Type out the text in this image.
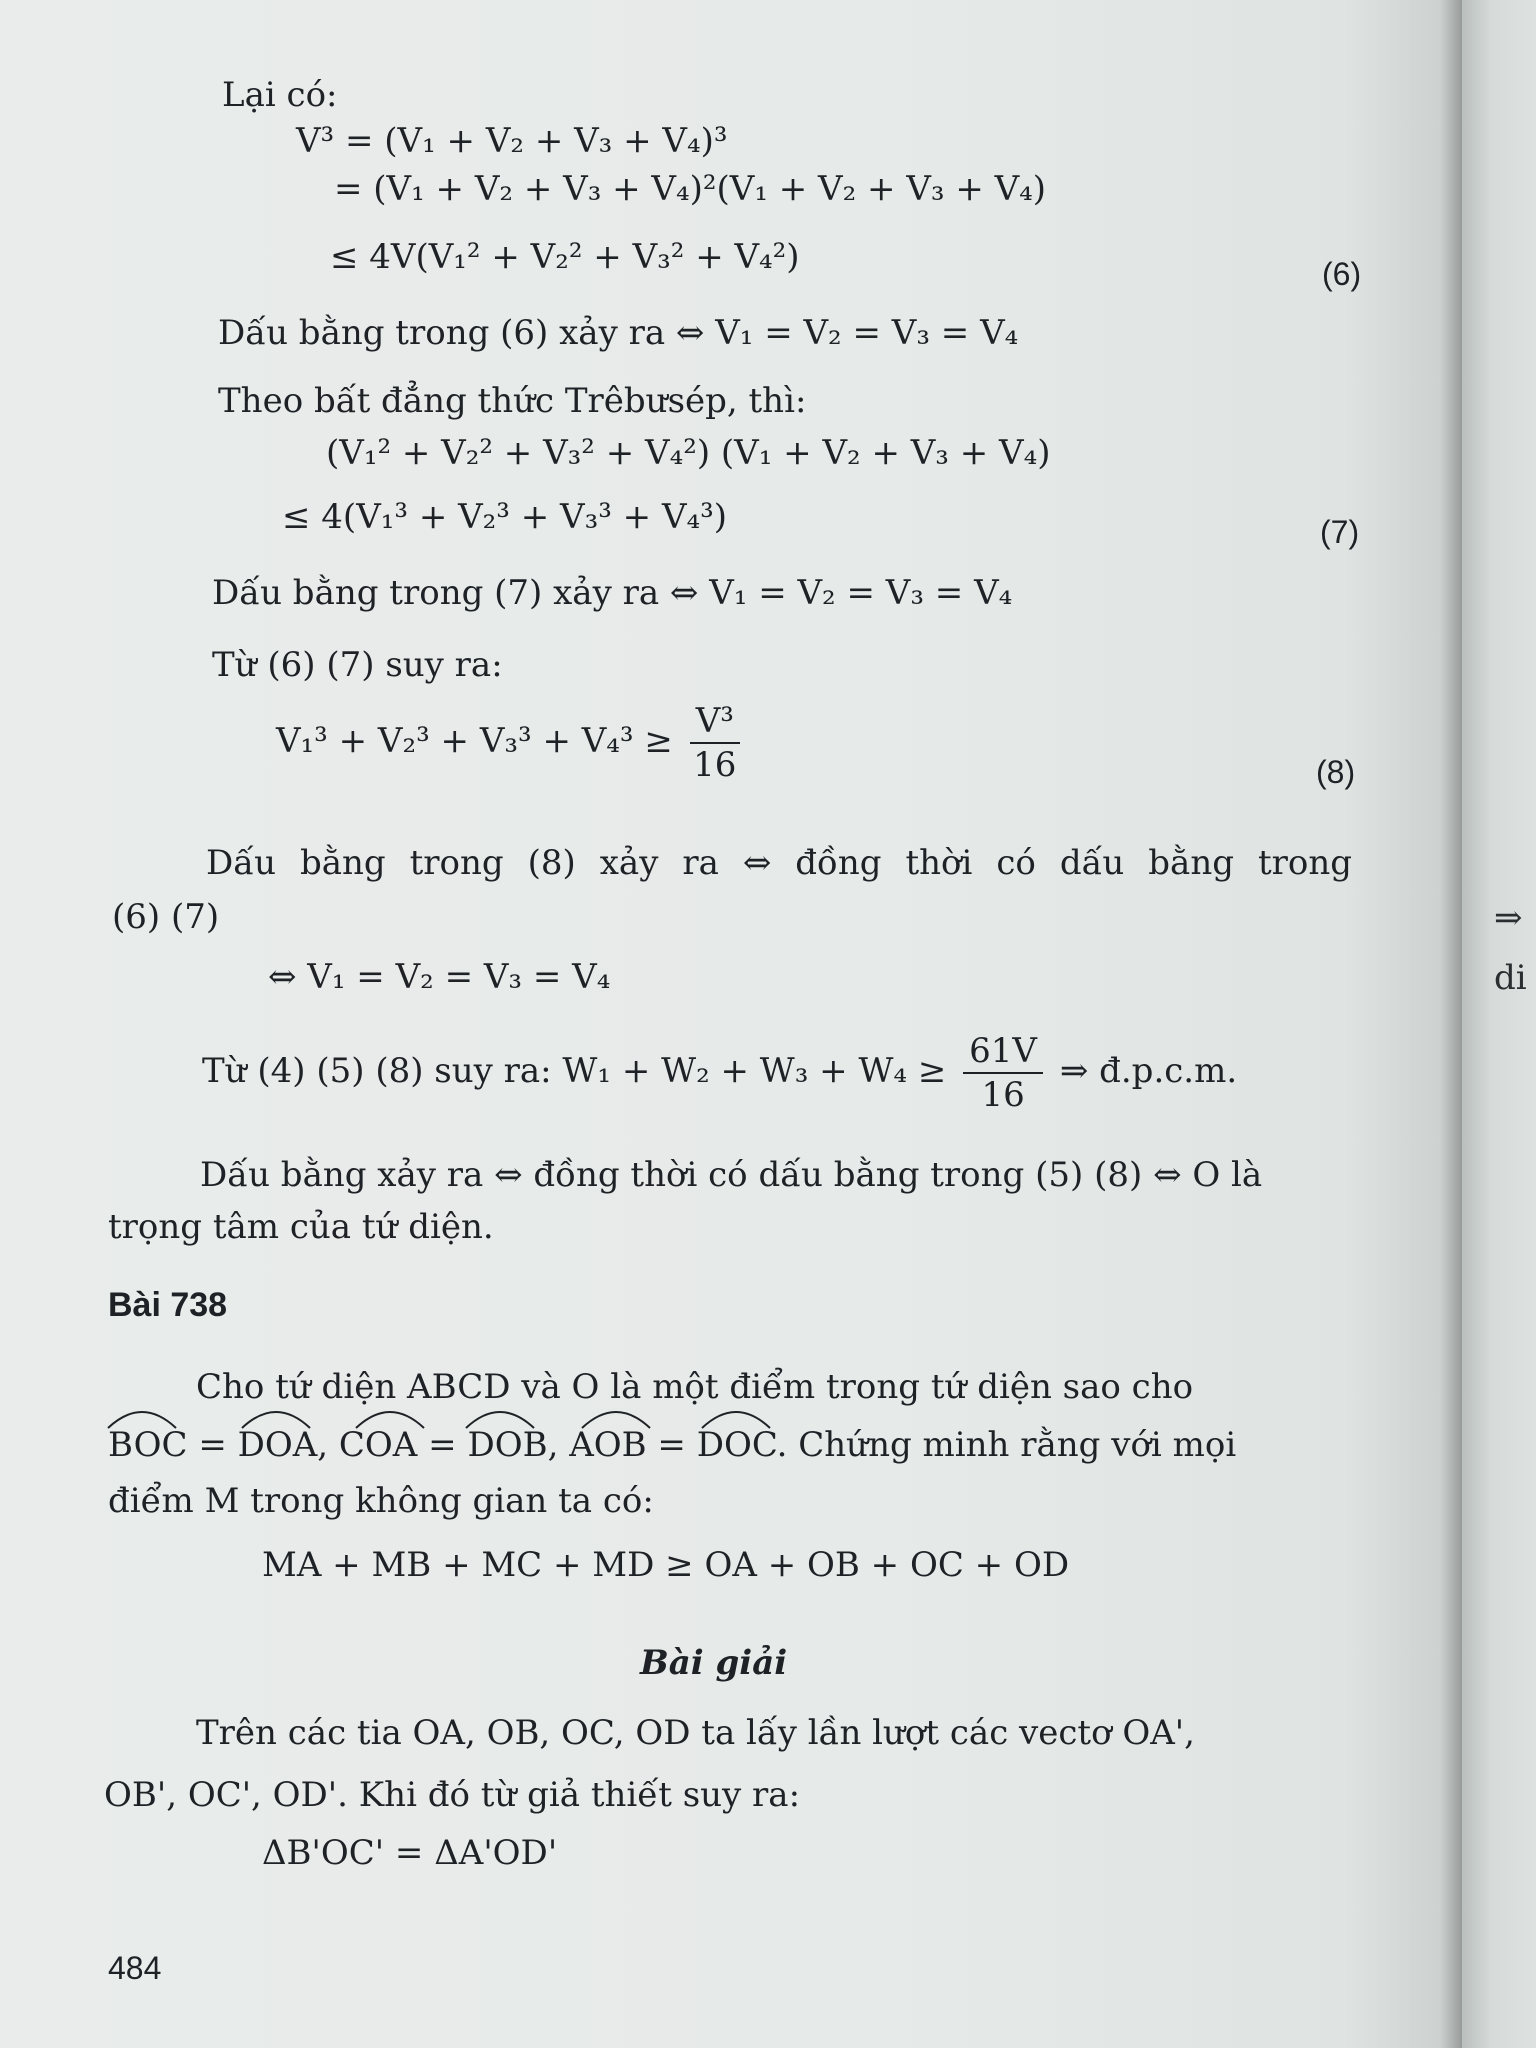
⇒
di
Lại có:
V³ = (V₁ + V₂ + V₃ + V₄)³
= (V₁ + V₂ + V₃ + V₄)²(V₁ + V₂ + V₃ + V₄)
≤ 4V(V₁² + V₂² + V₃² + V₄²)	(6)
Dấu bằng trong (6) xảy ra ⇔ V₁ = V₂ = V₃ = V₄
Theo bất đẳng thức Trêbưsép, thì:
(V₁² + V₂² + V₃² + V₄²) (V₁ + V₂ + V₃ + V₄)
≤ 4(V₁³ + V₂³ + V₃³ + V₄³)	(7)
Dấu bằng trong (7) xảy ra ⇔ V₁ = V₂ = V₃ = V₄
Từ (6) (7) suy ra:
$V_1^3 + V_2^3 + V_3^3 + V_4^3 \ge \frac{\text{V³}}{16}$	(8)
Dấu bằng trong (8) xảy ra ⇔ đồng thời có dấu bằng trong
(6) (7)
⇔ V₁ = V₂ = V₃ = V₄
Từ (4) (5) (8) suy ra: $W_1 + W_2 + W_3 + W_4 \ge \frac{61V}{16}$ ⇒ đ.p.c.m.
Dấu bằng xảy ra ⇔ đồng thời có dấu bằng trong (5) (8) ⇔ O là
trọng tâm của tứ diện.
Bài 738
Cho tứ diện ABCD và O là một điểm trong tứ diện sao cho
BOC = DOA, COA = DOB, AOB = DOC. Chứng minh rằng với mọi
điểm M trong không gian ta có:
MA + MB + MC + MD ≥ OA + OB + OC + OD
Bài giải
Trên các tia OA, OB, OC, OD ta lấy lần lượt các vectơ OA',
OB', OC', OD'. Khi đó từ giả thiết suy ra:
ΔB'OC' = ΔA'OD'
484
